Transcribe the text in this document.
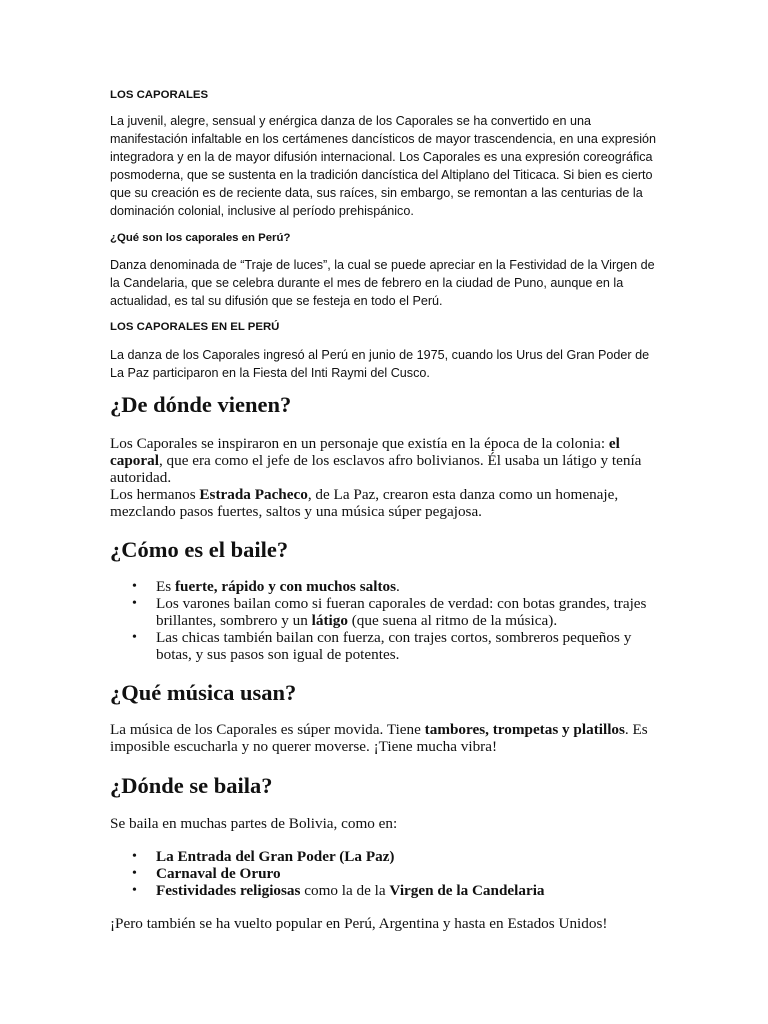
LOS CAPORALES

La juvenil, alegre, sensual y enérgica danza de los Caporales se ha convertido en una manifestación infaltable en los certámenes dancísticos de mayor trascendencia, en una expresión integradora y en la de mayor difusión internacional. Los Caporales es una expresión coreográfica posmoderna, que se sustenta en la tradición dancística del Altiplano del Titicaca. Si bien es cierto que su creación es de reciente data, sus raíces, sin embargo, se remontan a las centurias de la dominación colonial, inclusive al período prehispánico.

¿Qué son los caporales en Perú?

Danza denominada de “Traje de luces”, la cual se puede apreciar en la Festividad de la Virgen de la Candelaria, que se celebra durante el mes de febrero en la ciudad de Puno, aunque en la actualidad, es tal su difusión que se festeja en todo el Perú.

LOS CAPORALES EN EL PERÚ

La danza de los Caporales ingresó al Perú en junio de 1975, cuando los Urus del Gran Poder de La Paz participaron en la Fiesta del Inti Raymi del Cusco.

¿De dónde vienen?

Los Caporales se inspiraron en un personaje que existía en la época de la colonia: el caporal, que era como el jefe de los esclavos afro bolivianos. Él usaba un látigo y tenía autoridad.
Los hermanos Estrada Pacheco, de La Paz, crearon esta danza como un homenaje, mezclando pasos fuertes, saltos y una música súper pegajosa.

¿Cómo es el baile?
• Es fuerte, rápido y con muchos saltos.
• Los varones bailan como si fueran caporales de verdad: con botas grandes, trajes brillantes, sombrero y un látigo (que suena al ritmo de la música).
• Las chicas también bailan con fuerza, con trajes cortos, sombreros pequeños y botas, y sus pasos son igual de potentes.
¿Qué música usan?

La música de los Caporales es súper movida. Tiene tambores, trompetas y platillos. Es imposible escucharla y no querer moverse. ¡Tiene mucha vibra!

¿Dónde se baila?

Se baila en muchas partes de Bolivia, como en:

• La Entrada del Gran Poder (La Paz)
• Carnaval de Oruro
• Festividades religiosas como la de la Virgen de la Candelaria

¡Pero también se ha vuelto popular en Perú, Argentina y hasta en Estados Unidos!
